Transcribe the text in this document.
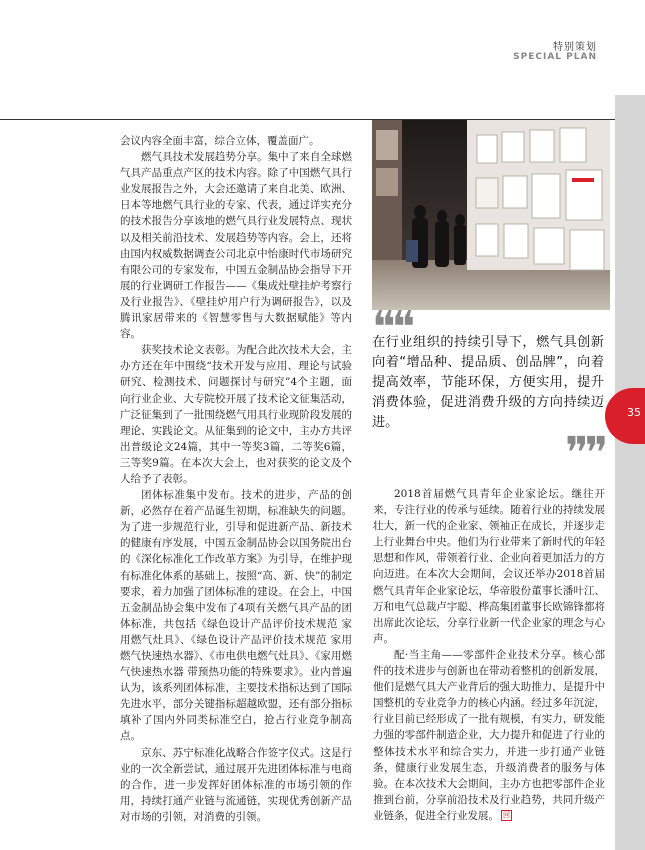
特别策划
SPECIAL PLAN
35

会议内容全面丰富，综合立体，覆盖面广。

燃气具技术发展趋势分享。集中了来自全球燃气具产品重点产区的技术内容。除了中国燃气具行业发展报告之外，大会还邀请了来自北美、欧洲、日本等地燃气具行业的专家、代表，通过详实充分的技术报告分享该地的燃气具行业发展特点、现状以及相关前沿技术、发展趋势等内容。会上，还将由国内权威数据调查公司北京中怡康时代市场研究有限公司的专家发布，中国五金制品协会指导下开展的行业调研工作报告——《集成灶壁挂炉考察行及行业报告》、《壁挂炉用户行为调研报告》，以及腾讯家居带来的《智慧零售与大数据赋能》等内容。

获奖技术论文表彰。为配合此次技术大会，主办方还在年中围绕“技术开发与应用、理论与试验研究、检测技术、问题探讨与研究”4个主题，面向行业企业、大专院校开展了技术论文征集活动，广泛征集到了一批围绕燃气用具行业现阶段发展的理论、实践论文。从征集到的论文中，主办方共评出普级论文24篇，其中一等奖3篇，二等奖6篇，三等奖9篇。在本次大会上，也对获奖的论文及个人给予了表彰。

团体标准集中发布。技术的进步，产品的创新，必然存在着产品诞生初期，标准缺失的问题。为了进一步规范行业，引导和促进新产品、新技术的健康有序发展，中国五金制品协会以国务院出台的《深化标准化工作改革方案》为引导，在维护现有标准化体系的基础上，按照“高、新、快”的制定要求，着力加强了团体标准的建设。在会上，中国五金制品协会集中发布了4项有关燃气具产品的团体标准，共包括《绿色设计产品评价技术规范 家用燃气灶具》、《绿色设计产品评价技术规范 家用燃气快速热水器》、《市电供电燃气灶具》、《家用燃气快速热水器 带预热功能的特殊要求》。业内普遍认为，该系列团体标准，主要技术指标达到了国际先进水平，部分关键指标超越欧盟，还有部分指标填补了国内外同类标准空白，抢占行业竞争制高点。

京东、苏宁标准化战略合作签字仪式。这是行业的一次全新尝试，通过展开先进团体标准与电商的合作，进一步发挥好团体标准的市场引领的作用，持续打通产业链与流通链，实现优秀创新产品对市场的引领，对消费的引领。

❝❝
在行业组织的持续引导下，燃气具创新向着“增品种、提品质、创品牌”，向着提高效率，节能环保，方便实用，提升消费体验，促进消费升级的方向持续迈进。
❞❞

2018首届燃气具青年企业家论坛。继往开来，专注行业的传承与延续。随着行业的持续发展壮大，新一代的企业家、领袖正在成长，并逐步走上行业舞台中央。他们为行业带来了新时代的年轻思想和作风，带领着行业、企业向着更加活力的方向迈进。在本次大会期间，会议还举办2018首届燃气具青年企业家论坛，华帝股份董事长潘叶江、万和电气总裁卢宇聪、桦高集团董事长欧锦锋都将出席此次论坛，分享行业新一代企业家的理念与心声。

配·当主角——零部件企业技术分享。核心部件的技术进步与创新也在带动着整机的创新发展，他们是燃气具大产业背后的强大助推力，是提升中国整机的专业竞争力的核心内涵。经过多年沉淀，行业目前已经形成了一批有规模，有实力，研发能力强的零部件制造企业，大力提升和促进了行业的整体技术水平和综合实力，并进一步打通产业链条，健康行业发展生态，升级消费者的服务与体验。在本次技术大会期间，主办方也把零部件企业推到台前，分享前沿技术及行业趋势，共同升级产业链条，促进全行业发展。 回
